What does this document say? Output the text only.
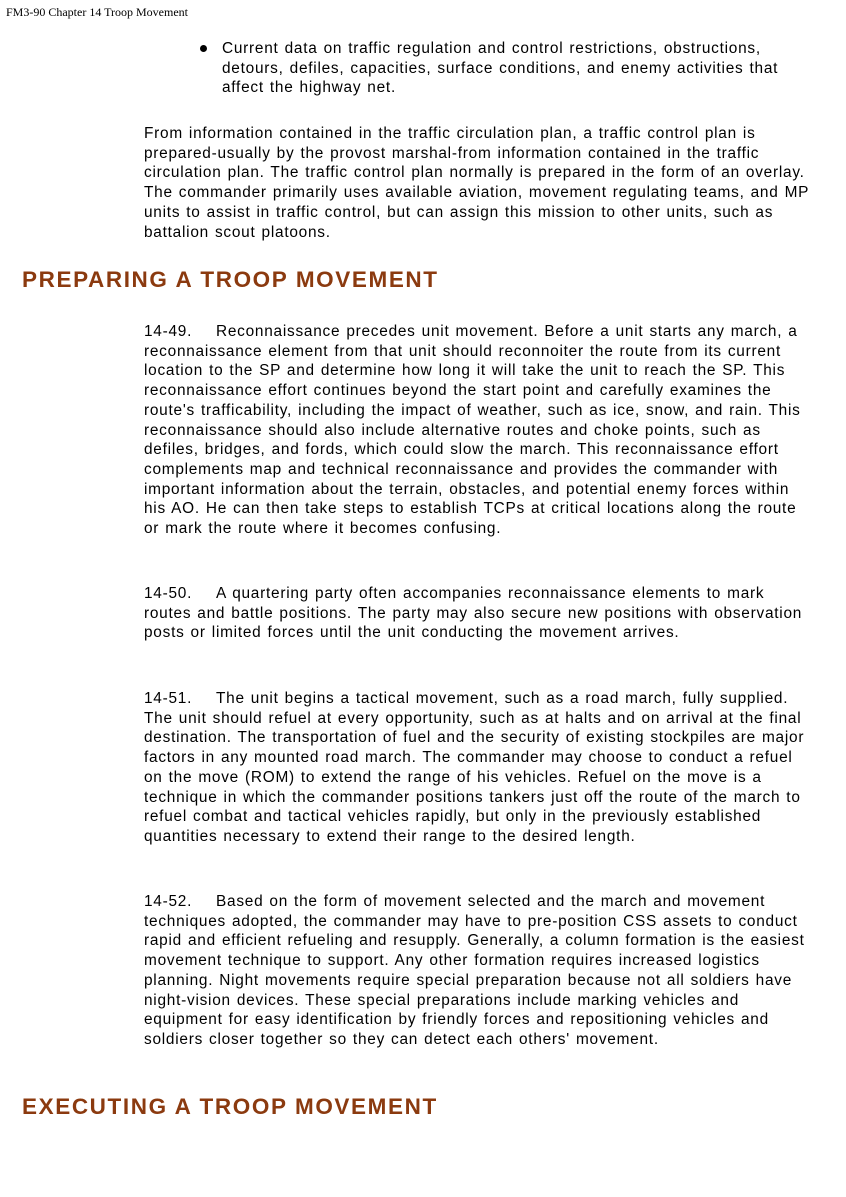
FM3-90 Chapter 14 Troop Movement
Current data on traffic regulation and control restrictions, obstructions, detours, defiles, capacities, surface conditions, and enemy activities that affect the highway net.
From information contained in the traffic circulation plan, a traffic control plan is prepared-usually by the provost marshal-from information contained in the traffic circulation plan. The traffic control plan normally is prepared in the form of an overlay. The commander primarily uses available aviation, movement regulating teams, and MP units to assist in traffic control, but can assign this mission to other units, such as battalion scout platoons.
PREPARING A TROOP MOVEMENT
14-49. Reconnaissance precedes unit movement. Before a unit starts any march, a reconnaissance element from that unit should reconnoiter the route from its current location to the SP and determine how long it will take the unit to reach the SP. This reconnaissance effort continues beyond the start point and carefully examines the route's trafficability, including the impact of weather, such as ice, snow, and rain. This reconnaissance should also include alternative routes and choke points, such as defiles, bridges, and fords, which could slow the march. This reconnaissance effort complements map and technical reconnaissance and provides the commander with important information about the terrain, obstacles, and potential enemy forces within his AO. He can then take steps to establish TCPs at critical locations along the route or mark the route where it becomes confusing.
14-50. A quartering party often accompanies reconnaissance elements to mark routes and battle positions. The party may also secure new positions with observation posts or limited forces until the unit conducting the movement arrives.
14-51. The unit begins a tactical movement, such as a road march, fully supplied. The unit should refuel at every opportunity, such as at halts and on arrival at the final destination. The transportation of fuel and the security of existing stockpiles are major factors in any mounted road march. The commander may choose to conduct a refuel on the move (ROM) to extend the range of his vehicles. Refuel on the move is a technique in which the commander positions tankers just off the route of the march to refuel combat and tactical vehicles rapidly, but only in the previously established quantities necessary to extend their range to the desired length.
14-52. Based on the form of movement selected and the march and movement techniques adopted, the commander may have to pre-position CSS assets to conduct rapid and efficient refueling and resupply. Generally, a column formation is the easiest movement technique to support. Any other formation requires increased logistics planning. Night movements require special preparation because not all soldiers have night-vision devices. These special preparations include marking vehicles and equipment for easy identification by friendly forces and repositioning vehicles and soldiers closer together so they can detect each others' movement.
EXECUTING A TROOP MOVEMENT
